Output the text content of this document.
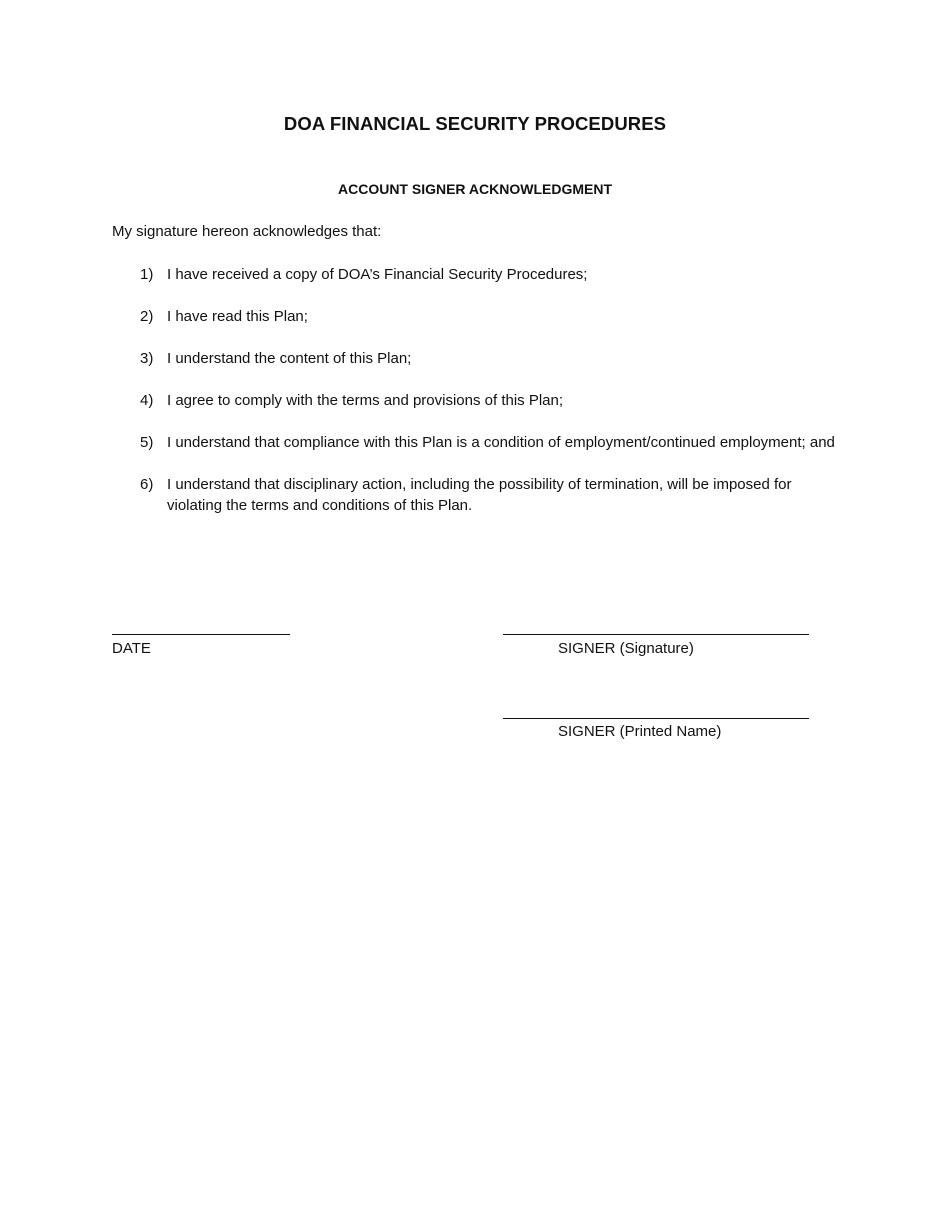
DOA FINANCIAL SECURITY PROCEDURES
ACCOUNT SIGNER ACKNOWLEDGMENT
My signature hereon acknowledges that:
1) I have received a copy of DOA’s Financial Security Procedures;
2) I have read this Plan;
3) I understand the content of this Plan;
4) I agree to comply with the terms and provisions of this Plan;
5) I understand that compliance with this Plan is a condition of employment/continued employment; and
6) I understand that disciplinary action, including the possibility of termination, will be imposed for violating the terms and conditions of this Plan.
DATE	SIGNER (Signature)
SIGNER (Printed Name)
